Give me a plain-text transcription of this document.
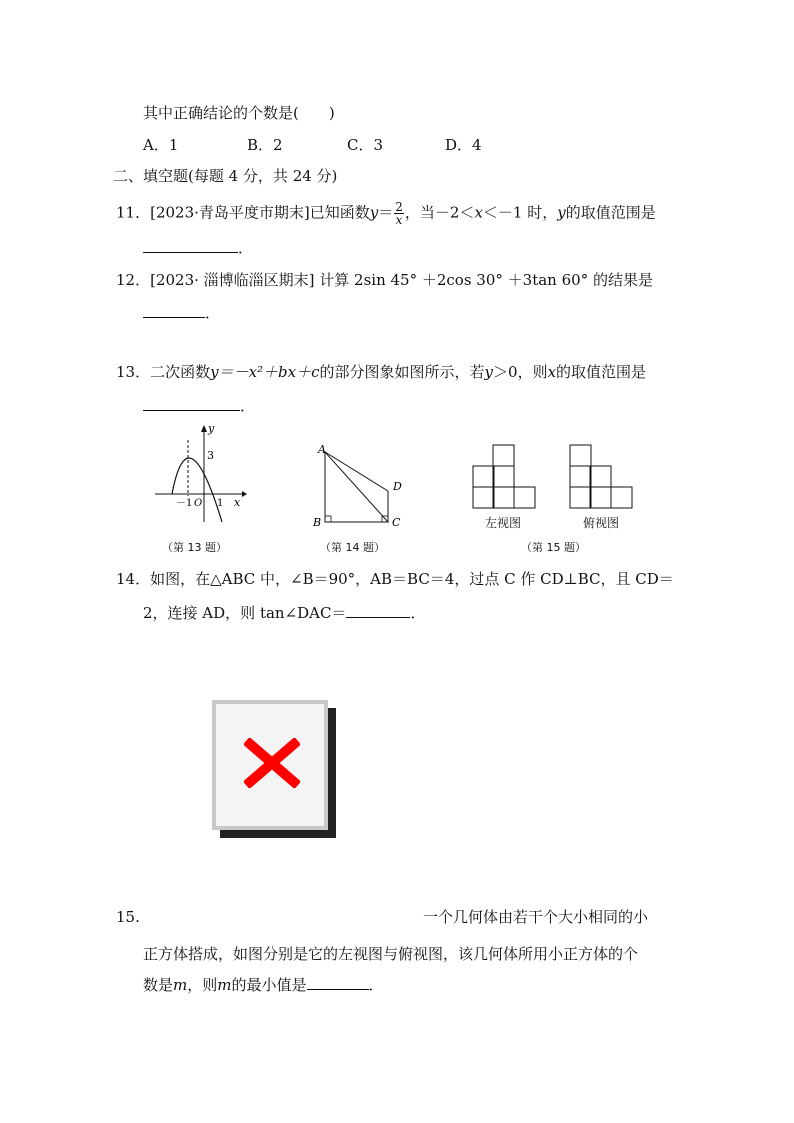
其中正确结论的个数是(　　)
A．1	B．2	C．3	D．4
二、填空题(每题 4 分，共 24 分)
11．[2023·青岛平度市期末]已知函数$y= \frac{2}{x}$ ，当－2＜x＜－1 时，y的取值范围是
．
12．[2023· 淄博临淄区期末] 计算 2sin 45° ＋2cos 30° ＋3tan 60° 的结果是
．
13．二次函数y＝－x²＋bx＋c的部分图象如图所示，若y＞0，则x的取值范围是
．
y
3
－1 O 1 x
（第 13 题）
A
B	C
D
（第 14 题）
左视图	俯视图
（第 15 题）
14．如图，在△ABC 中，∠B＝90°，AB＝BC＝4，过点 C 作 CD⊥BC，且 CD＝
2，连接 AD，则 tan∠DAC＝	．
15.	一个几何体由若干个大小相同的小
正方体搭成，如图分别是它的左视图与俯视图，该几何体所用小正方体的个
数是m，则m的最小值是	．
